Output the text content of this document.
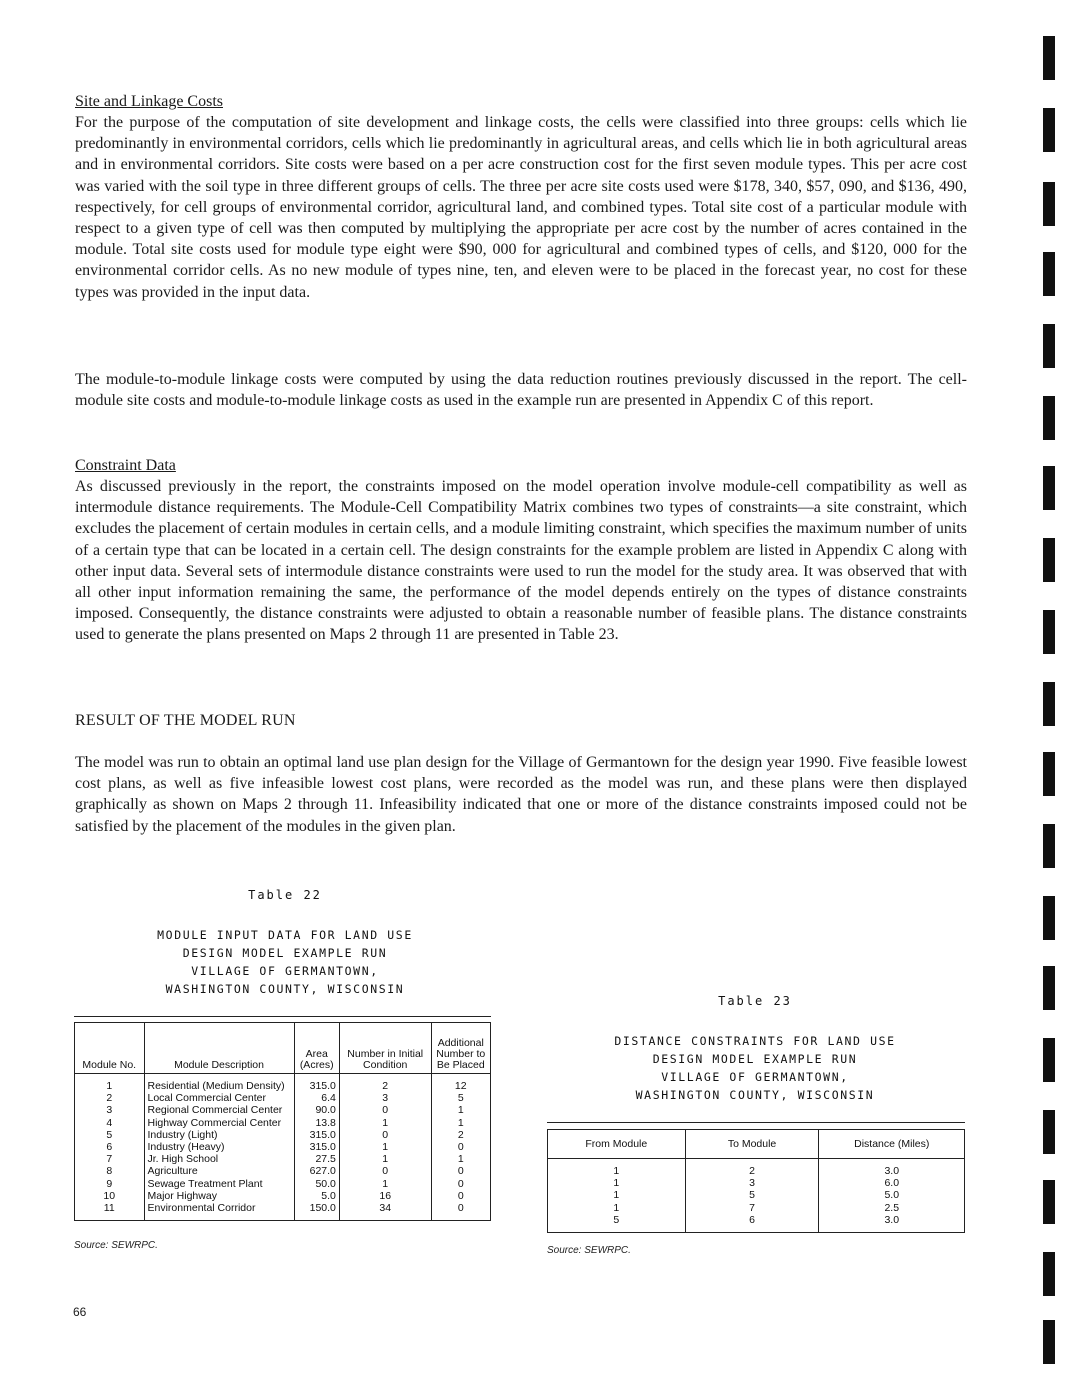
Site and Linkage Costs

For the purpose of the computation of site development and linkage costs, the cells were classified into three groups: cells which lie predominantly in environmental corridors, cells which lie predominantly in agricultural areas, and cells which lie in both agricultural areas and in environmental corridors. Site costs were based on a per acre construction cost for the first seven module types. This per acre cost was varied with the soil type in three different groups of cells. The three per acre site costs used were $178, 340, $57, 090, and $136, 490, respectively, for cell groups of environmental corridor, agricultural land, and combined types. Total site cost of a particular module with respect to a given type of cell was then computed by multiplying the appropriate per acre cost by the number of acres contained in the module. Total site costs used for module type eight were $90, 000 for agricultural and combined types of cells, and $120, 000 for the environmental corridor cells. As no new module of types nine, ten, and eleven were to be placed in the forecast year, no cost for these types was provided in the input data.

The module-to-module linkage costs were computed by using the data reduction routines previously discussed in the report. The cell-module site costs and module-to-module linkage costs as used in the example run are presented in Appendix C of this report.

Constraint Data

As discussed previously in the report, the constraints imposed on the model operation involve module-cell compatibility as well as intermodule distance requirements. The Module-Cell Compatibility Matrix combines two types of constraints—a site constraint, which excludes the placement of certain modules in certain cells, and a module limiting constraint, which specifies the maximum number of units of a certain type that can be located in a certain cell. The design constraints for the example problem are listed in Appendix C along with other input data. Several sets of intermodule distance constraints were used to run the model for the study area. It was observed that with all other input information remaining the same, the performance of the model depends entirely on the types of distance constraints imposed. Consequently, the distance constraints were adjusted to obtain a reasonable number of feasible plans. The distance constraints used to generate the plans presented on Maps 2 through 11 are presented in Table 23.

RESULT OF THE MODEL RUN

The model was run to obtain an optimal land use plan design for the Village of Germantown for the design year 1990. Five feasible lowest cost plans, as well as five infeasible lowest cost plans, were recorded as the model was run, and these plans were then displayed graphically as shown on Maps 2 through 11. Infeasibility indicated that one or more of the distance constraints imposed could not be satisfied by the placement of the modules in the given plan.

Table 22
MODULE INPUT DATA FOR LAND USE
DESIGN MODEL EXAMPLE RUN
VILLAGE OF GERMANTOWN,
WASHINGTON COUNTY, WISCONSIN
Module No.	Module Description	Area (Acres)	Number in Initial Condition	Additional Number to Be Placed
1	Residential (Medium Density)	315.0	2	12
2	Local Commercial Center	6.4	3	5
3	Regional Commercial Center	90.0	0	1
4	Highway Commercial Center	13.8	1	1
5	Industry (Light)	315.0	0	2
6	Industry (Heavy)	315.0	1	0
7	Jr. High School	27.5	1	1
8	Agriculture	627.0	0	0
9	Sewage Treatment Plant	50.0	1	0
10	Major Highway	5.0	16	0
11	Environmental Corridor	150.0	34	0
Source: SEWRPC.
Table 23
DISTANCE CONSTRAINTS FOR LAND USE
DESIGN MODEL EXAMPLE RUN
VILLAGE OF GERMANTOWN,
WASHINGTON COUNTY, WISCONSIN
From Module	To Module	Distance (Miles)
1	2	3.0
1	3	6.0
1	5	5.0
1	7	2.5
5	6	3.0
Source: SEWRPC.
66
